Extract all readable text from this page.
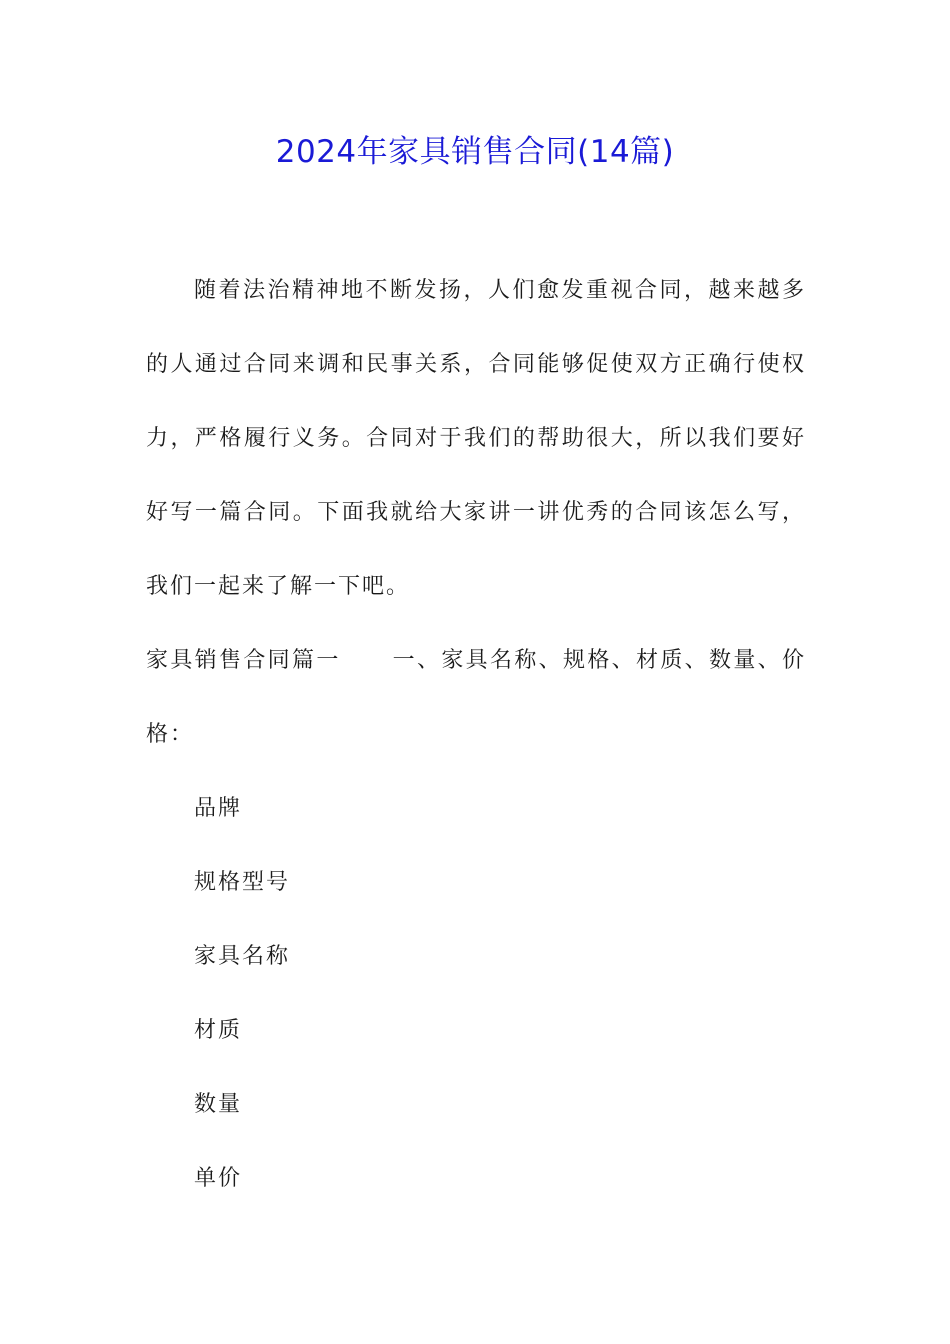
2024年家具销售合同(14篇)

随着法治精神地不断发扬，人们愈发重视合同，越来越多的人通过合同来调和民事关系，合同能够促使双方正确行使权力，严格履行义务。合同对于我们的帮助很大，所以我们要好好写一篇合同。下面我就给大家讲一讲优秀的合同该怎么写，我们一起来了解一下吧。

家具销售合同篇一 一、家具名称、规格、材质、数量、价格：

品牌

规格型号

家具名称

材质

数量

单价
